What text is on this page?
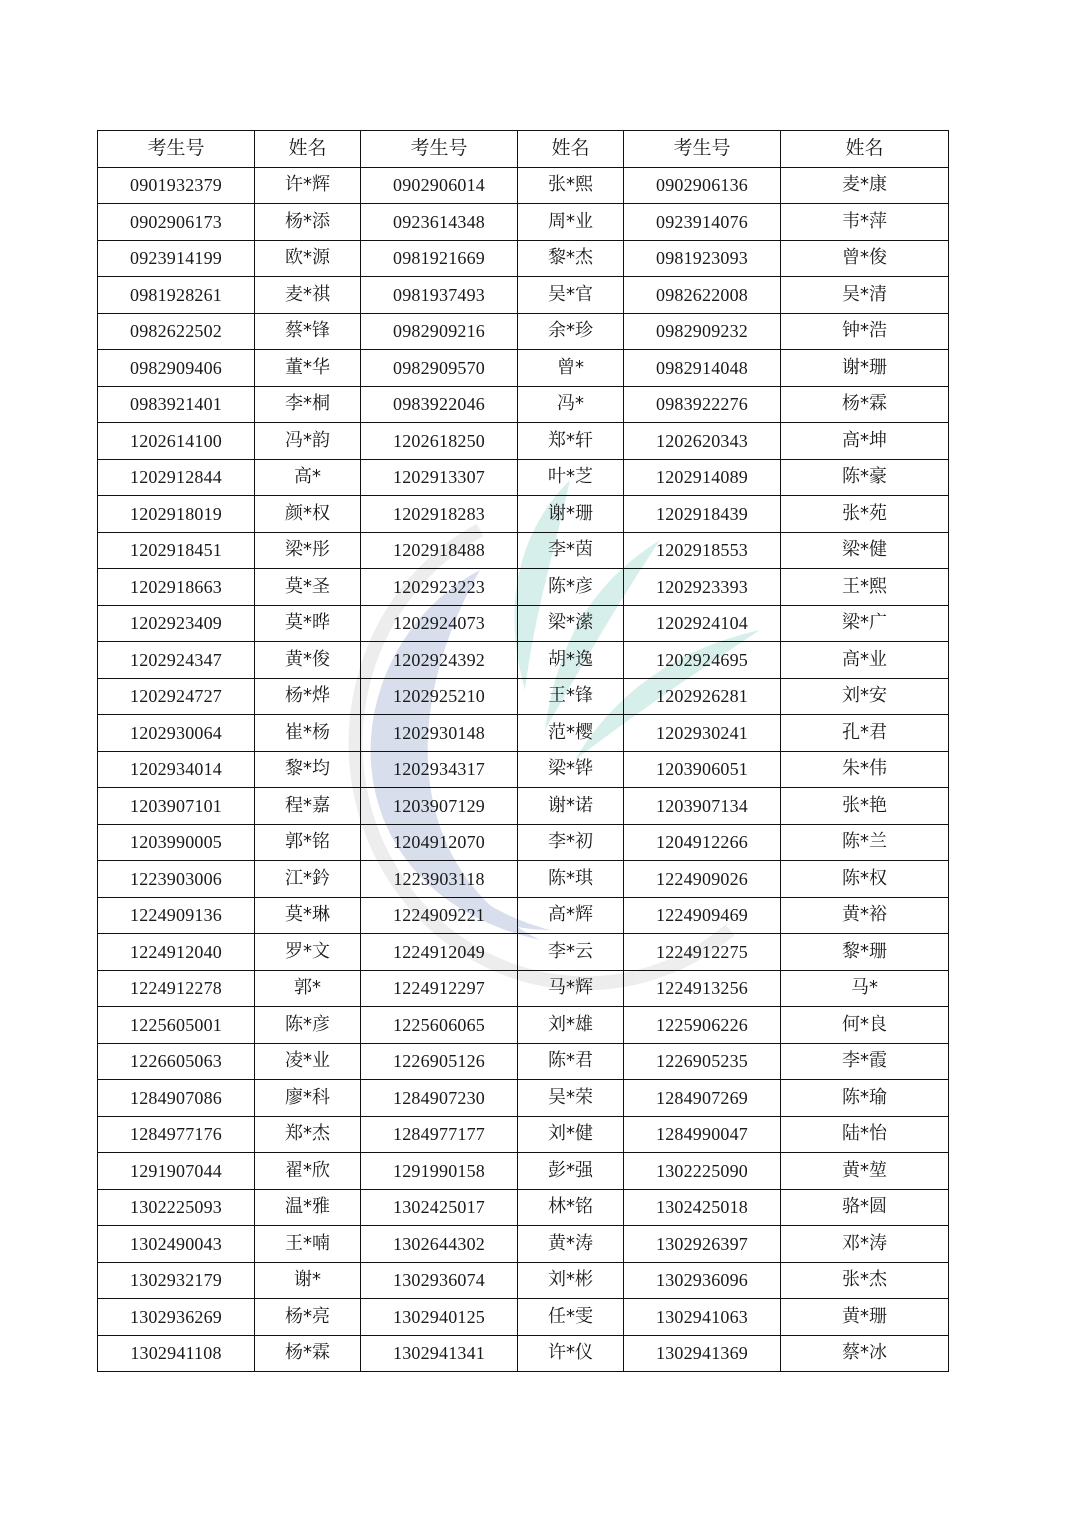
考生号	姓名	考生号	姓名	考生号	姓名
0901932379	许*辉	0902906014	张*熙	0902906136	麦*康
0902906173	杨*添	0923614348	周*业	0923914076	韦*萍
0923914199	欧*源	0981921669	黎*杰	0981923093	曾*俊
0981928261	麦*祺	0981937493	吴*官	0982622008	吴*清
0982622502	蔡*锋	0982909216	余*珍	0982909232	钟*浩
0982909406	董*华	0982909570	曾*	0982914048	谢*珊
0983921401	李*桐	0983922046	冯*	0983922276	杨*霖
1202614100	冯*韵	1202618250	郑*轩	1202620343	高*坤
1202912844	高*	1202913307	叶*芝	1202914089	陈*豪
1202918019	颜*权	1202918283	谢*珊	1202918439	张*苑
1202918451	梁*彤	1202918488	李*茵	1202918553	梁*健
1202918663	莫*圣	1202923223	陈*彦	1202923393	王*熙
1202923409	莫*晔	1202924073	梁*潆	1202924104	梁*广
1202924347	黄*俊	1202924392	胡*逸	1202924695	高*业
1202924727	杨*烨	1202925210	王*锋	1202926281	刘*安
1202930064	崔*杨	1202930148	范*樱	1202930241	孔*君
1202934014	黎*均	1202934317	梁*铧	1203906051	朱*伟
1203907101	程*嘉	1203907129	谢*诺	1203907134	张*艳
1203990005	郭*铭	1204912070	李*初	1204912266	陈*兰
1223903006	江*鈐	1223903118	陈*琪	1224909026	陈*权
1224909136	莫*琳	1224909221	高*辉	1224909469	黄*裕
1224912040	罗*文	1224912049	李*云	1224912275	黎*珊
1224912278	郭*	1224912297	马*辉	1224913256	马*
1225605001	陈*彦	1225606065	刘*雄	1225906226	何*良
1226605063	凌*业	1226905126	陈*君	1226905235	李*霞
1284907086	廖*科	1284907230	吴*荣	1284907269	陈*瑜
1284977176	郑*杰	1284977177	刘*健	1284990047	陆*怡
1291907044	翟*欣	1291990158	彭*强	1302225090	黄*堃
1302225093	温*雅	1302425017	林*铭	1302425018	骆*圆
1302490043	王*喃	1302644302	黄*涛	1302926397	邓*涛
1302932179	谢*	1302936074	刘*彬	1302936096	张*杰
1302936269	杨*亮	1302940125	任*雯	1302941063	黄*珊
1302941108	杨*霖	1302941341	许*仪	1302941369	蔡*冰
